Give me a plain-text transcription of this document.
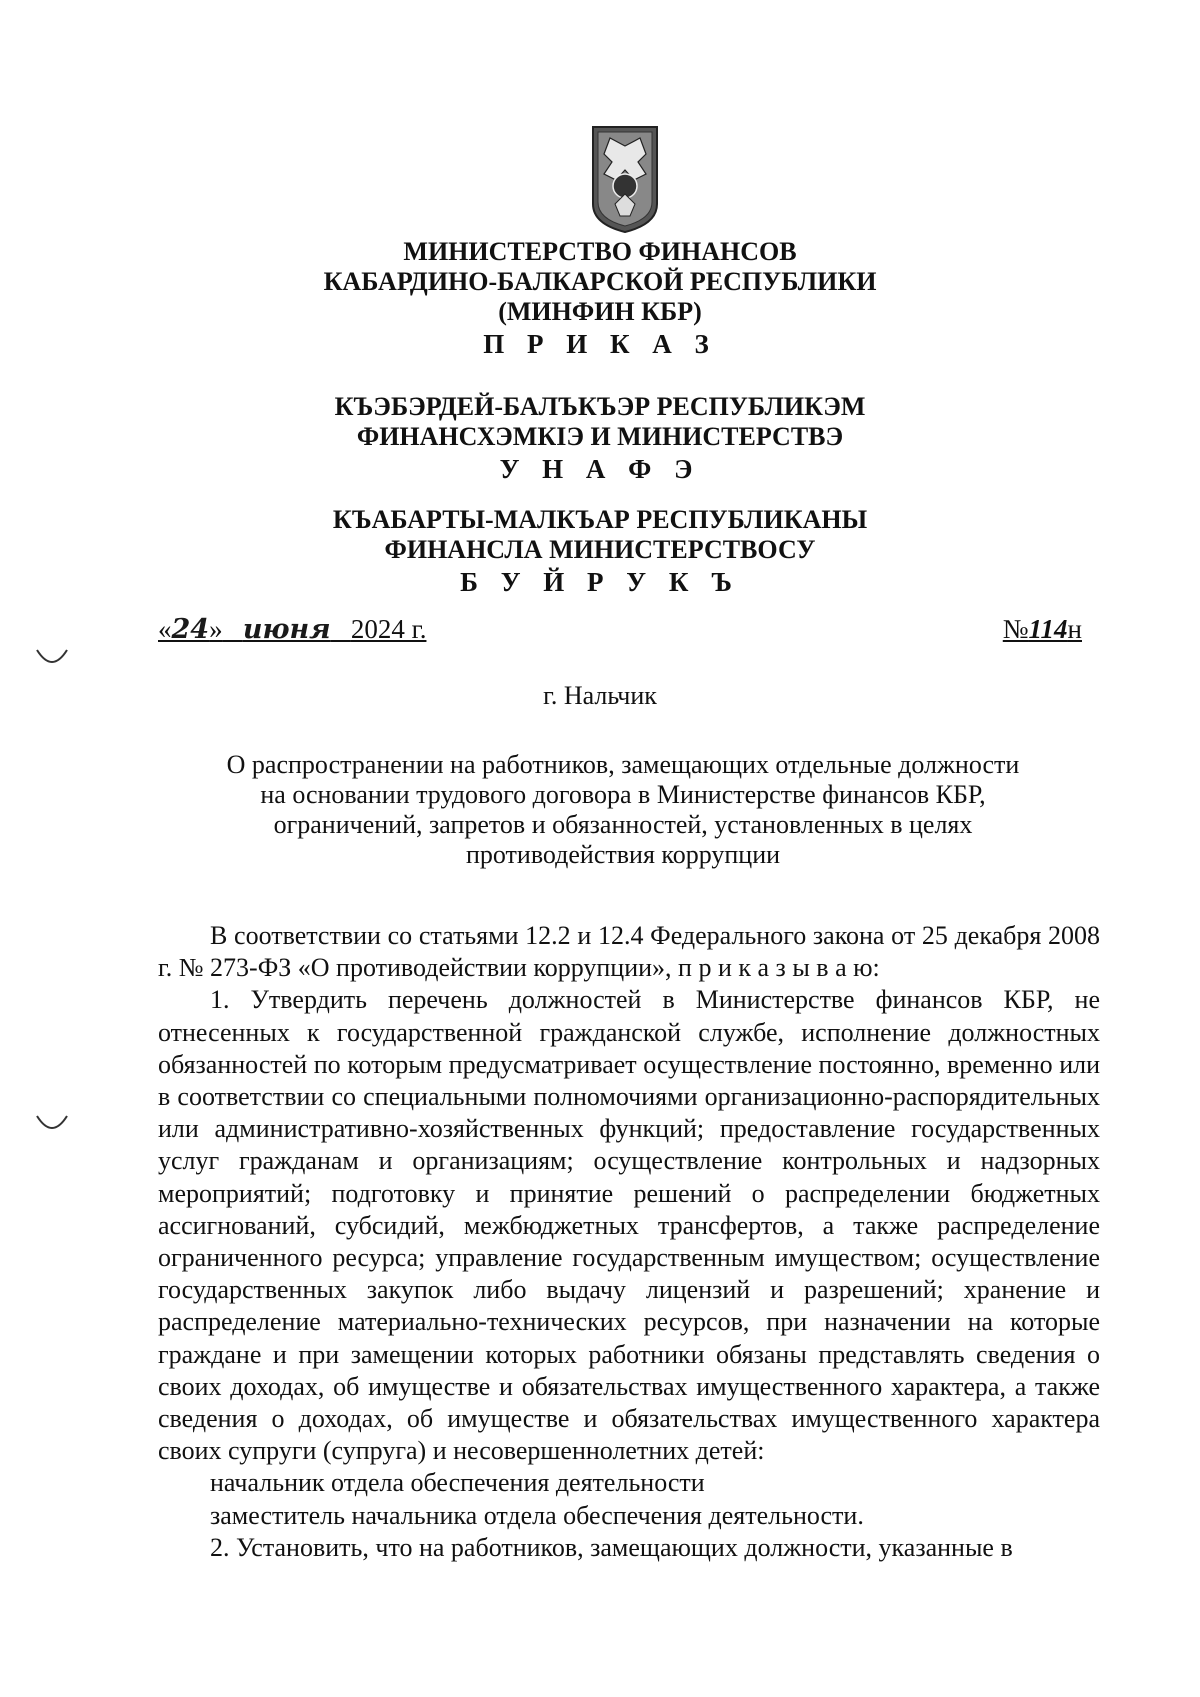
МИНИСТЕРСТВО ФИНАНСОВ
КАБАРДИНО-БАЛКАРСКОЙ РЕСПУБЛИКИ
(МИНФИН КБР)
П Р И К А З
КЪЭБЭРДЕЙ-БАЛЪКЪЭР РЕСПУБЛИКЭМ
ФИНАНСХЭМКIЭ И МИНИСТЕРСТВЭ
У Н А Ф Э
КЪАБАРТЫ-МАЛКЪАР РЕСПУБЛИКАНЫ
ФИНАНСЛА МИНИСТЕРСТВОСУ
Б У Й Р У К Ъ
«24» июня 2024 г.	№114н
г. Нальчик
О распространении на работников, замещающих отдельные должности
на основании трудового договора в Министерстве финансов КБР,
ограничений, запретов и обязанностей, установленных в целях
противодействия коррупции

В соответствии со статьями 12.2 и 12.4 Федерального закона от 25 декабря 2008 г. № 273-ФЗ «О противодействии коррупции», п р и к а з ы в а ю:

1. Утвердить перечень должностей в Министерстве финансов КБР, не отнесенных к государственной гражданской службе, исполнение должностных обязанностей по которым предусматривает осуществление постоянно, временно или в соответствии со специальными полномочиями организационно-распорядительных или административно-хозяйственных функций; предоставление государственных услуг гражданам и организациям; осуществление контрольных и надзорных мероприятий; подготовку и принятие решений о распределении бюджетных ассигнований, субсидий, межбюджетных трансфертов, а также распределение ограниченного ресурса; управление государственным имуществом; осуществление государственных закупок либо выдачу лицензий и разрешений; хранение и распределение материально-технических ресурсов, при назначении на которые граждане и при замещении которых работники обязаны представлять сведения о своих доходах, об имуществе и обязательствах имущественного характера, а также сведения о доходах, об имуществе и обязательствах имущественного характера своих супруги (супруга) и несовершеннолетних детей:

начальник отдела обеспечения деятельности

заместитель начальника отдела обеспечения деятельности.

2. Установить, что на работников, замещающих должности, указанные в
